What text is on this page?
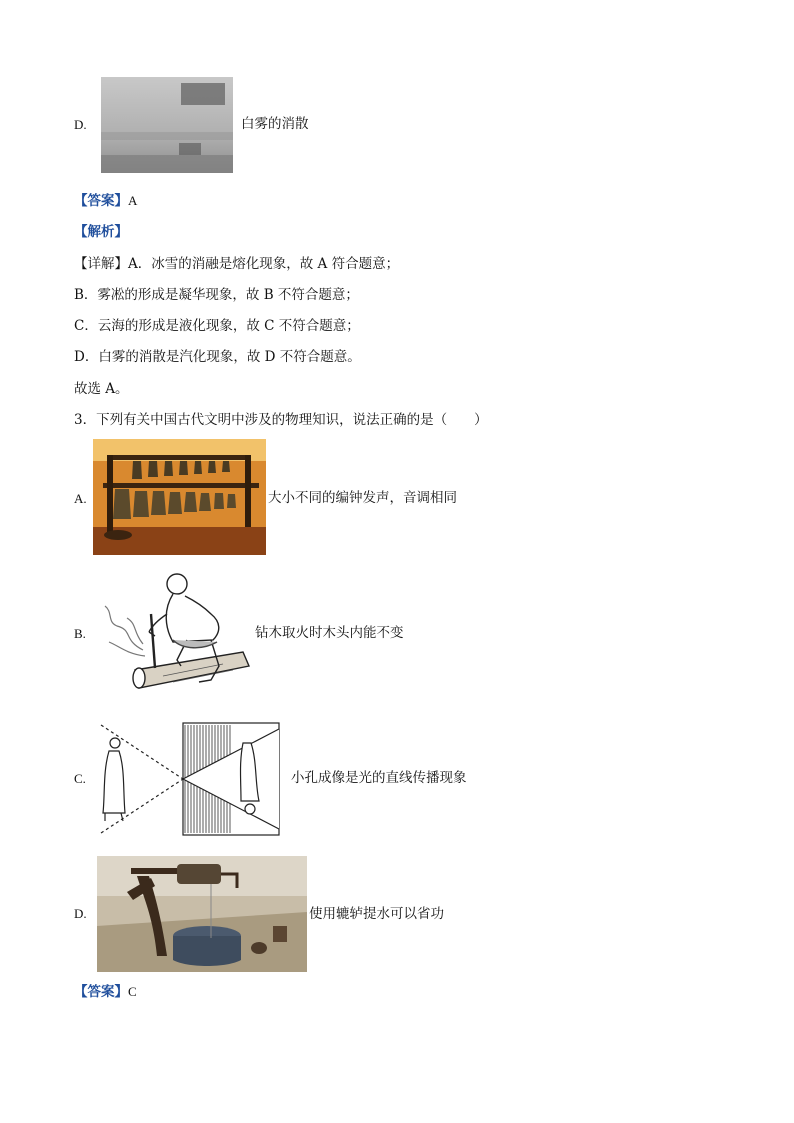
D.	白雾的消散
【答案】A
【解析】
【详解】A．冰雪的消融是熔化现象，故 A 符合题意；
B．雾凇的形成是凝华现象，故 B 不符合题意；
C．云海的形成是液化现象，故 C 不符合题意；
D．白雾的消散是汽化现象，故 D 不符合题意。
故选 A。
3．下列有关中国古代文明中涉及的物理知识，说法正确的是（　　）
A.	大小不同的编钟发声，音调相同
B.	钻木取火时木头内能不变
C.	小孔成像是光的直线传播现象
D.	使用辘轳提水可以省功
【答案】C
